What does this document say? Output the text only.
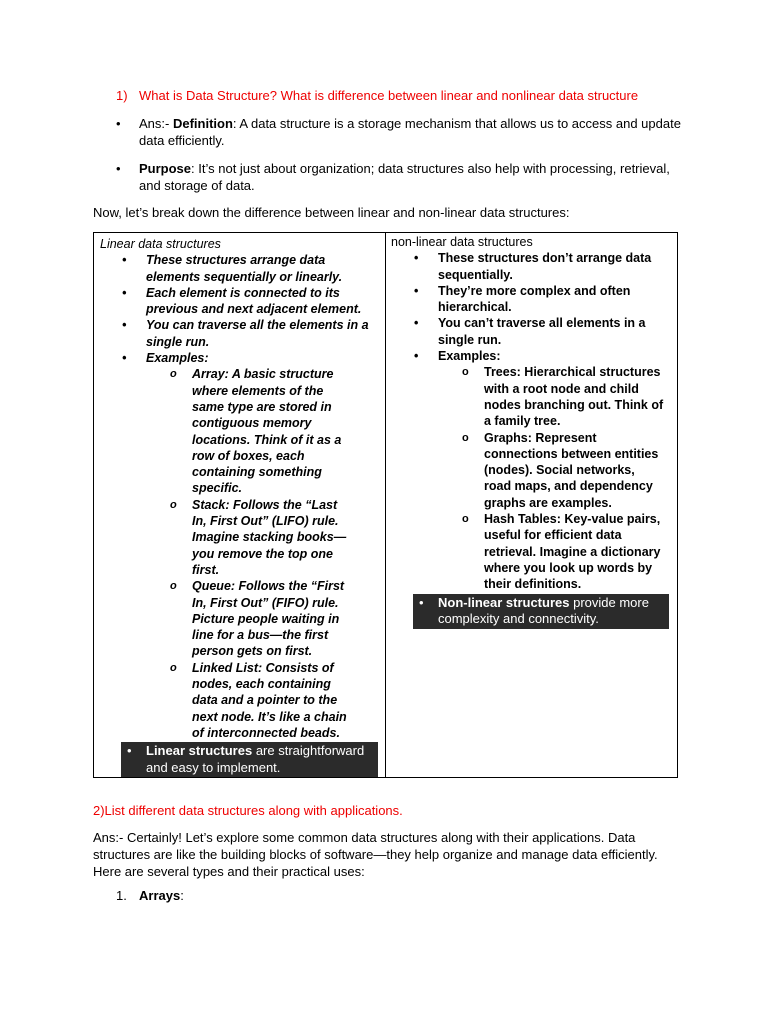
1) What is Data Structure? What is difference between linear and nonlinear data structure
• Ans:- Definition: A data structure is a storage mechanism that allows us to access and update data efficiently.
• Purpose: It’s not just about organization; data structures also help with processing, retrieval, and storage of data.
Now, let’s break down the difference between linear and non-linear data structures:
Linear data structures
• These structures arrange data elements sequentially or linearly.
• Each element is connected to its previous and next adjacent element.
• You can traverse all the elements in a single run.
• Examples:
o Array: A basic structure where elements of the same type are stored in contiguous memory locations. Think of it as a row of boxes, each containing something specific.
o Stack: Follows the “Last In, First Out” (LIFO) rule. Imagine stacking books—you remove the top one first.
o Queue: Follows the “First In, First Out” (FIFO) rule. Picture people waiting in line for a bus—the first person gets on first.
o Linked List: Consists of nodes, each containing data and a pointer to the next node. It’s like a chain of interconnected beads.
• Linear structures are straightforward and easy to implement.

non-linear data structures
• These structures don’t arrange data sequentially.
• They’re more complex and often hierarchical.
• You can’t traverse all elements in a single run.
• Examples:
o Trees: Hierarchical structures with a root node and child nodes branching out. Think of a family tree.
o Graphs: Represent connections between entities (nodes). Social networks, road maps, and dependency graphs are examples.
o Hash Tables: Key-value pairs, useful for efficient data retrieval. Imagine a dictionary where you look up words by their definitions.
• Non-linear structures provide more complexity and connectivity.
2)List different data structures along with applications.
Ans:- Certainly! Let’s explore some common data structures along with their applications. Data structures are like the building blocks of software—they help organize and manage data efficiently. Here are several types and their practical uses:
1. Arrays:
